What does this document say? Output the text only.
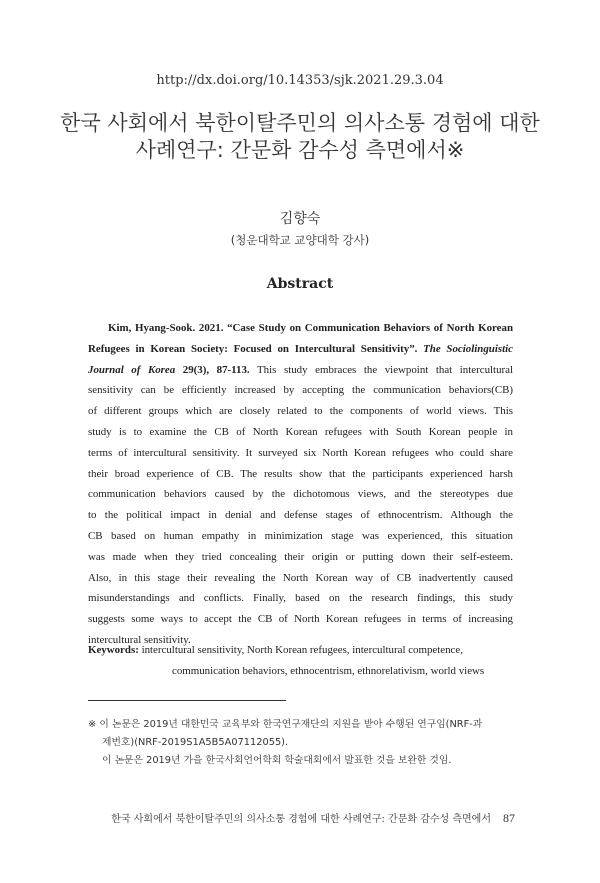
http://dx.doi.org/10.14353/sjk.2021.29.3.04
한국 사회에서 북한이탈주민의 의사소통 경험에 대한
사례연구: 간문화 감수성 측면에서※
김향숙
(청운대학교 교양대학 강사)
Abstract
Kim, Hyang-Sook. 2021. “Case Study on Communication Behaviors of North Korean
Refugees in Korean Society: Focused on Intercultural Sensitivity”. The Sociolinguistic
Journal of Korea 29(3), 87-113. This study embraces the viewpoint that intercultural
sensitivity can be efficiently increased by accepting the communication behaviors(CB)
of different groups which are closely related to the components of world views. This
study is to examine the CB of North Korean refugees with South Korean people in
terms of intercultural sensitivity. It surveyed six North Korean refugees who could share
their broad experience of CB. The results show that the participants experienced harsh
communication behaviors caused by the dichotomous views, and the stereotypes due
to the political impact in denial and defense stages of ethnocentrism. Although the
CB based on human empathy in minimization stage was experienced, this situation
was made when they tried concealing their origin or putting down their self-esteem.
Also, in this stage their revealing the North Korean way of CB inadvertently caused
misunderstandings and conflicts. Finally, based on the research findings, this study
suggests some ways to accept the CB of North Korean refugees in terms of increasing
intercultural sensitivity.
Keywords: intercultural sensitivity, North Korean refugees, intercultural competence,
communication behaviors, ethnocentrism, ethnorelativism, world views
※ 이 논문은 2019년 대한민국 교육부와 한국연구재단의 지원을 받아 수행된 연구임(NRF-과
제번호)(NRF-2019S1A5B5A07112055).
이 논문은 2019년 가을 한국사회언어학회 학술대회에서 발표한 것을 보완한 것임.
한국 사회에서 북한이탈주민의 의사소통 경험에 대한 사례연구: 간문화 감수성 측면에서 87
